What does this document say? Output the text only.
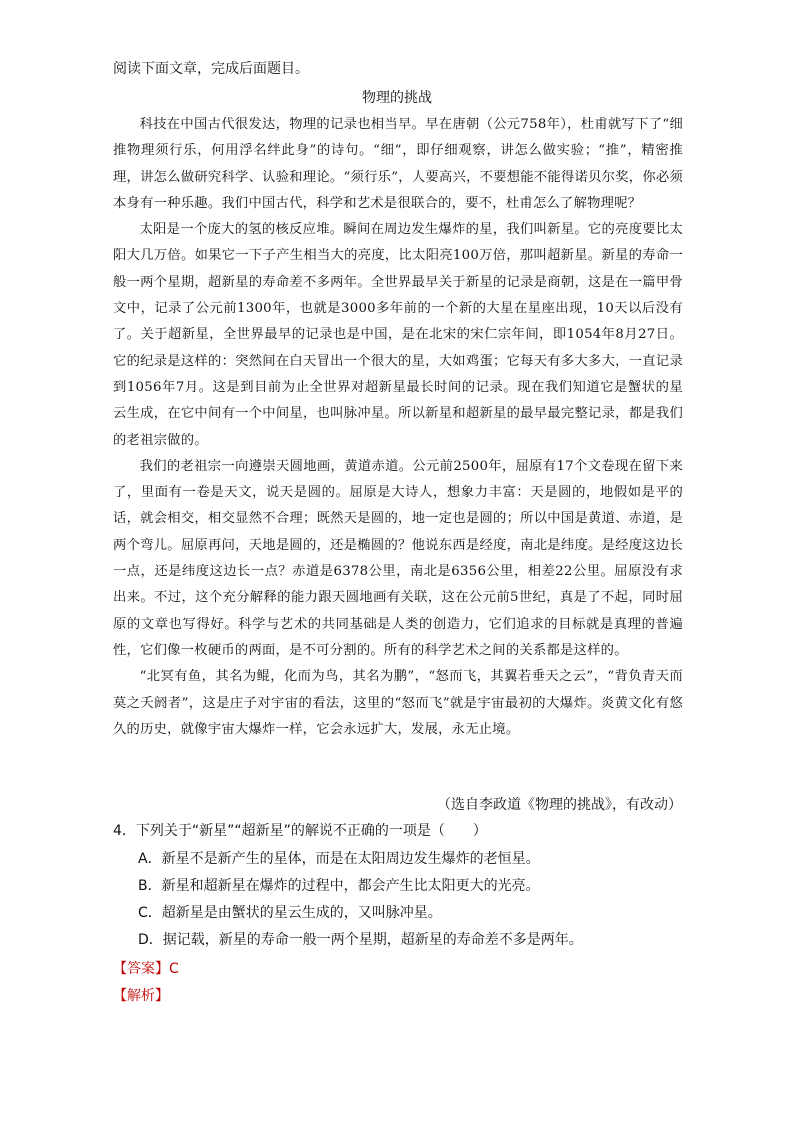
阅读下面文章，完成后面题目。
物理的挑战

科技在中国古代很发达，物理的记录也相当早。早在唐朝（公元758年），杜甫就写下了“细推物理须行乐，何用浮名绊此身”的诗句。“细”，即仔细观察，讲怎么做实验；“推”，精密推理，讲怎么做研究科学、认验和理论。“须行乐”，人要高兴，不要想能不能得诺贝尔奖，你必须本身有一种乐趣。我们中国古代，科学和艺术是很联合的，要不，杜甫怎么了解物理呢？

太阳是一个庞大的氢的核反应堆。瞬间在周边发生爆炸的星，我们叫新星。它的亮度要比太阳大几万倍。如果它一下子产生相当大的亮度，比太阳亮100万倍，那叫超新星。新星的寿命一般一两个星期，超新星的寿命差不多两年。全世界最早关于新星的记录是商朝，这是在一篇甲骨文中，记录了公元前1300年，也就是3000多年前的一个新的大星在星座出现，10天以后没有了。关于超新星，全世界最早的记录也是中国，是在北宋的宋仁宗年间，即1054年8月27日。它的纪录是这样的：突然间在白天冒出一个很大的星，大如鸡蛋；它每天有多大多大，一直记录到1056年7月。这是到目前为止全世界对超新星最长时间的记录。现在我们知道它是蟹状的星云生成，在它中间有一个中间星，也叫脉冲星。所以新星和超新星的最早最完整记录，都是我们的老祖宗做的。

我们的老祖宗一向遵崇天圆地画，黄道赤道。公元前2500年，屈原有17个文卷现在留下来了，里面有一卷是天文，说天是圆的。屈原是大诗人，想象力丰富：天是圆的，地假如是平的话，就会相交，相交显然不合理；既然天是圆的，地一定也是圆的；所以中国是黄道、赤道，是两个弯儿。屈原再问，天地是圆的，还是椭圆的？他说东西是经度，南北是纬度。是经度这边长一点，还是纬度这边长一点？赤道是6378公里，南北是6356公里，相差22公里。屈原没有求出来。不过，这个充分解释的能力跟天圆地画有关联，这在公元前5世纪，真是了不起，同时屈原的文章也写得好。科学与艺术的共同基础是人类的创造力，它们追求的目标就是真理的普遍性，它们像一枚硬币的两面，是不可分割的。所有的科学艺术之间的关系都是这样的。

“北冥有鱼，其名为鲲，化而为鸟，其名为鹏”，“怒而飞，其翼若垂天之云”，“背负青天而莫之夭阏者”，这是庄子对宇宙的看法，这里的“怒而飞”就是宇宙最初的大爆炸。炎黄文化有悠久的历史，就像宇宙大爆炸一样，它会永远扩大，发展，永无止境。

（选自李政道《物理的挑战》，有改动）
4．下列关于“新星”“超新星”的解说不正确的一项是（　　）
A．新星不是新产生的星体，而是在太阳周边发生爆炸的老恒星。
B．新星和超新星在爆炸的过程中，都会产生比太阳更大的光亮。
C．超新星是由蟹状的星云生成的，又叫脉冲星。
D．据记载，新星的寿命一般一两个星期，超新星的寿命差不多是两年。
【答案】C
【解析】
